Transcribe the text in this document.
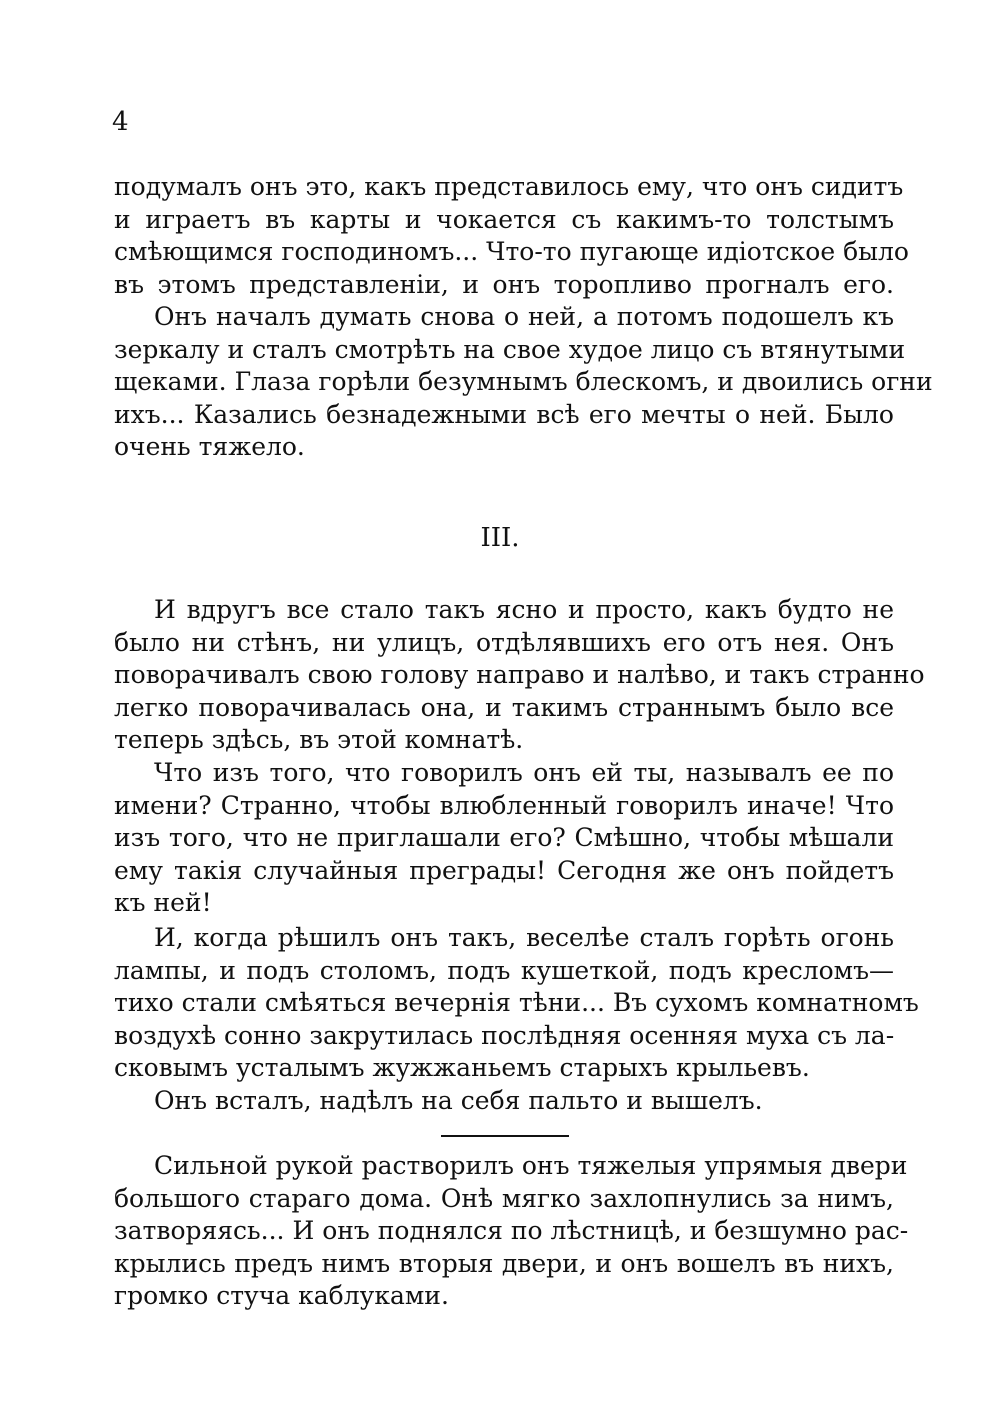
4
подумалъ онъ это, какъ представилось ему, что онъ сидитъ
и играетъ въ карты и чокается съ какимъ-то толстымъ
смѣющимся господиномъ... Что-то пугающе идіотское было
въ этомъ представленіи, и онъ торопливо прогналъ его.
Онъ началъ думать снова о ней, а потомъ подошелъ къ
зеркалу и сталъ смотрѣть на свое худое лицо съ втянутыми
щеками. Глаза горѣли безумнымъ блескомъ, и двоились огни
ихъ... Казались безнадежными всѣ его мечты о ней. Было
очень тяжело.
III.
И вдругъ все стало такъ ясно и просто, какъ будто не
было ни стѣнъ, ни улицъ, отдѣлявшихъ его отъ нея. Онъ
поворачивалъ свою голову направо и налѣво, и такъ странно
легко поворачивалась она, и такимъ страннымъ было все
теперь здѣсь, въ этой комнатѣ.
Что изъ того, что говорилъ онъ ей ты, называлъ ее по
имени? Странно, чтобы влюбленный говорилъ иначе! Что
изъ того, что не приглашали его? Смѣшно, чтобы мѣшали
ему такія случайныя преграды! Сегодня же онъ пойдетъ
къ ней!
И, когда рѣшилъ онъ такъ, веселѣе сталъ горѣть огонь
лампы, и подъ столомъ, подъ кушеткой, подъ кресломъ—
тихо стали смѣяться вечернія тѣни... Въ сухомъ комнатномъ
воздухѣ сонно закрутилась послѣдняя осенняя муха съ ла-
сковымъ усталымъ жужжаньемъ старыхъ крыльевъ.
Онъ всталъ, надѣлъ на себя пальто и вышелъ.
Сильной рукой растворилъ онъ тяжелыя упрямыя двери
большого стараго дома. Онѣ мягко захлопнулись за нимъ,
затворяясь... И онъ поднялся по лѣстницѣ, и безшумно рас-
крылись предъ нимъ вторыя двери, и онъ вошелъ въ нихъ,
громко стуча каблуками.
